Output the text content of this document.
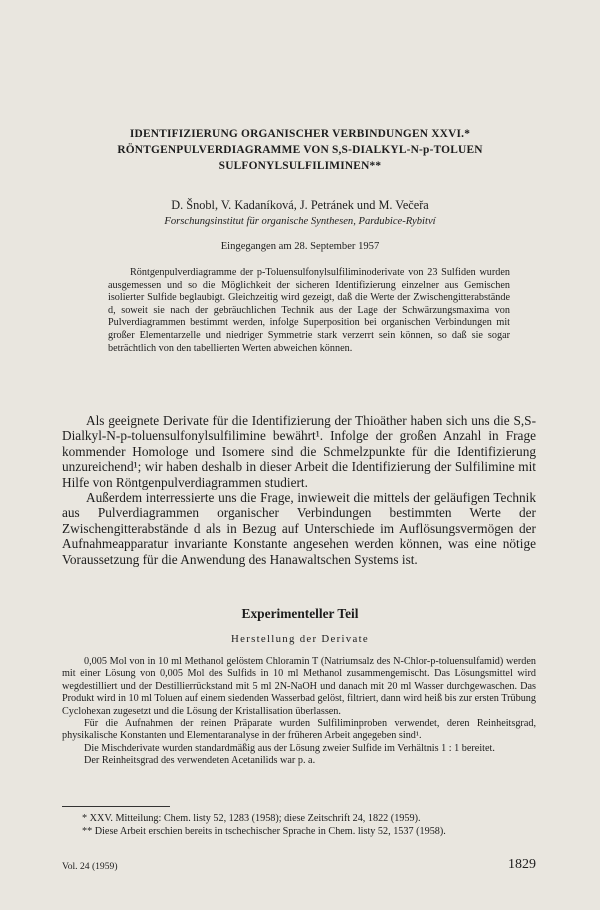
IDENTIFIZIERUNG ORGANISCHER VERBINDUNGEN XXVI.*
RÖNTGENPULVERDIAGRAMME VON S,S-DIALKYL-N-p-TOLUEN
SULFONYLSULFILIMINEN**
D. Šnobl, V. Kadaníková, J. Petránek und M. Večeřa
Forschungsinstitut für organische Synthesen, Pardubice-Rybitví
Eingegangen am 28. September 1957

Röntgenpulverdiagramme der p-Toluensulfonylsulfiliminoderivate von 23 Sulfiden wurden ausgemessen und so die Möglichkeit der sicheren Identifizierung einzelner aus Gemischen isolierter Sulfide beglaubigt. Gleichzeitig wird gezeigt, daß die Werte der Zwischengitterabstände d, soweit sie nach der gebräuchlichen Technik aus der Lage der Schwärzungsmaxima von Pulverdiagrammen bestimmt werden, infolge Superposition bei organischen Verbindungen mit großer Elementarzelle und niedriger Symmetrie stark verzerrt sein können, so daß sie sogar beträchtlich von den tabellierten Werten abweichen können.

Als geeignete Derivate für die Identifizierung der Thioäther haben sich uns die S,S-Dialkyl-N-p-toluensulfonylsulfilimine bewährt¹. Infolge der großen Anzahl in Frage kommender Homologe und Isomere sind die Schmelzpunkte für die Identifizierung unzureichend¹; wir haben deshalb in dieser Arbeit die Identifizierung der Sulfilimine mit Hilfe von Röntgenpulverdiagrammen studiert.

Außerdem interressierte uns die Frage, inwieweit die mittels der geläufigen Technik aus Pulverdiagrammen organischer Verbindungen bestimmten Werte der Zwischengitterabstände d als in Bezug auf Unterschiede im Auflösungsvermögen der Aufnahmeapparatur invariante Konstante angesehen werden können, was eine nötige Voraussetzung für die Anwendung des Hanawaltschen Systems ist.

Experimenteller Teil
Herstellung der Derivate

0,005 Mol von in 10 ml Methanol gelöstem Chloramin T (Natriumsalz des N-Chlor-p-toluensulfamid) werden mit einer Lösung von 0,005 Mol des Sulfids in 10 ml Methanol zusammengemischt. Das Lösungsmittel wird wegdestilliert und der Destillierrückstand mit 5 ml 2N-NaOH und danach mit 20 ml Wasser durchgewaschen. Das Produkt wird in 10 ml Toluen auf einem siedenden Wasserbad gelöst, filtriert, dann wird heiß bis zur ersten Trübung Cyclohexan zugesetzt und die Lösung der Kristallisation überlassen.

Für die Aufnahmen der reinen Präparate wurden Sulfiliminproben verwendet, deren Reinheitsgrad, physikalische Konstanten und Elementaranalyse in der früheren Arbeit angegeben sind¹.

Die Mischderivate wurden standardmäßig aus der Lösung zweier Sulfide im Verhältnis 1 : 1 bereitet.

Der Reinheitsgrad des verwendeten Acetanilids war p. a.

* XXV. Mitteilung: Chem. listy 52, 1283 (1958); diese Zeitschrift 24, 1822 (1959).

** Diese Arbeit erschien bereits in tschechischer Sprache in Chem. listy 52, 1537 (1958).

Vol. 24 (1959)	1829
